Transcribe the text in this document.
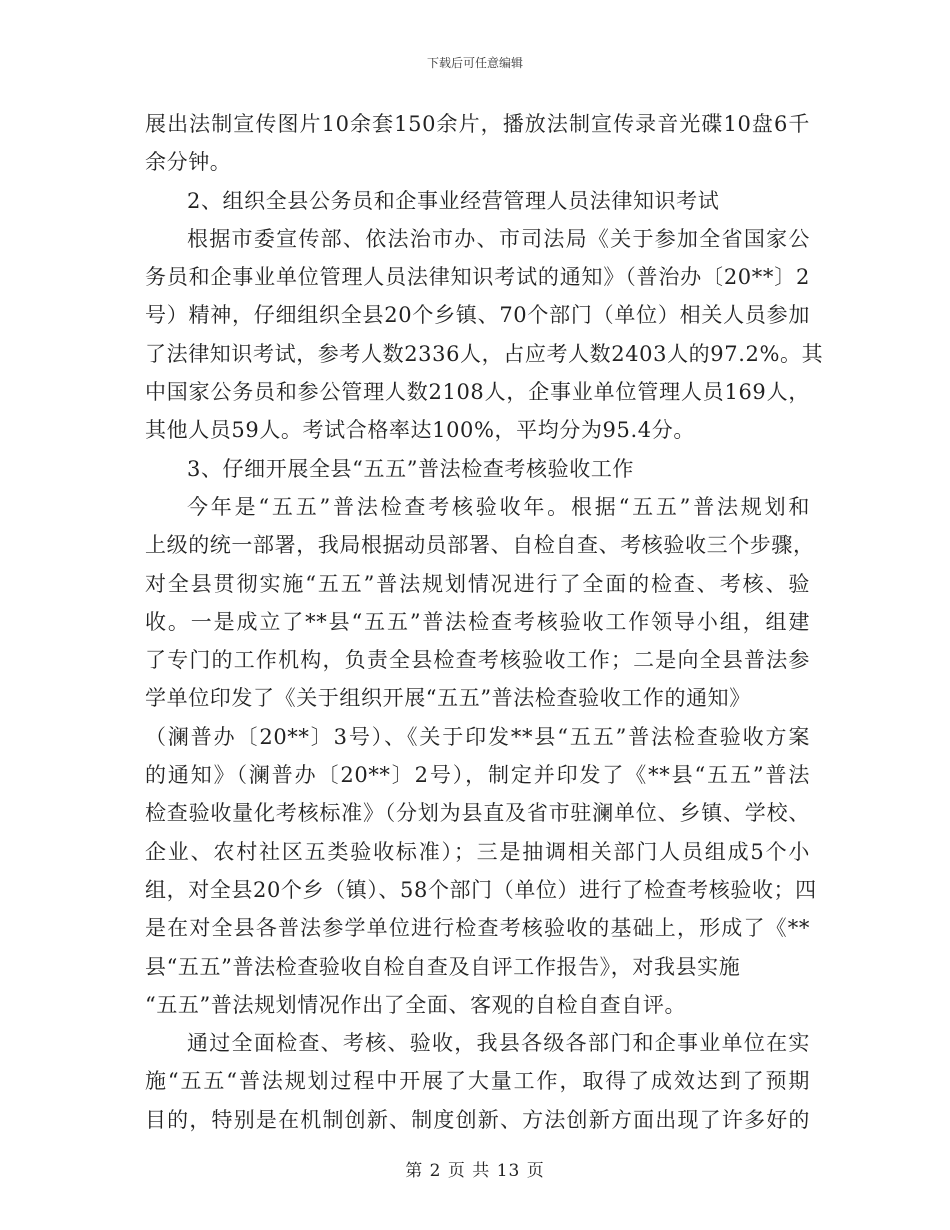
下载后可任意编辑
展出法制宣传图片10余套150余片，播放法制宣传录音光碟10盘6千
余分钟。
2、组织全县公务员和企事业经营管理人员法律知识考试
根据市委宣传部、依法治市办、市司法局《关于参加全省国家公
务员和企事业单位管理人员法律知识考试的通知》（普治办〔20**〕2
号）精神，仔细组织全县20个乡镇、70个部门（单位）相关人员参加
了法律知识考试，参考人数2336人，占应考人数2403人的97.2%。其
中国家公务员和参公管理人数2108人，企事业单位管理人员169人，
其他人员59人。考试合格率达100%，平均分为95.4分。
3、仔细开展全县“五五”普法检查考核验收工作
今年是“五五”普法检查考核验收年。根据“五五”普法规划和
上级的统一部署，我局根据动员部署、自检自查、考核验收三个步骤，
对全县贯彻实施“五五”普法规划情况进行了全面的检查、考核、验
收。一是成立了**县“五五”普法检查考核验收工作领导小组，组建
了专门的工作机构，负责全县检查考核验收工作；二是向全县普法参
学单位印发了《关于组织开展“五五”普法检查验收工作的通知》
（澜普办〔20**〕3号）、《关于印发**县“五五”普法检查验收方案
的通知》（澜普办〔20**〕2号），制定并印发了《**县“五五”普法
检查验收量化考核标准》（分划为县直及省市驻澜单位、乡镇、学校、
企业、农村社区五类验收标准）；三是抽调相关部门人员组成5个小
组，对全县20个乡（镇）、58个部门（单位）进行了检查考核验收；四
是在对全县各普法参学单位进行检查考核验收的基础上，形成了《**
县“五五”普法检查验收自检自查及自评工作报告》，对我县实施
“五五”普法规划情况作出了全面、客观的自检自查自评。
通过全面检查、考核、验收，我县各级各部门和企事业单位在实
施“五五“普法规划过程中开展了大量工作，取得了成效达到了预期
目的，特别是在机制创新、制度创新、方法创新方面出现了许多好的
第 2 页 共 13 页
